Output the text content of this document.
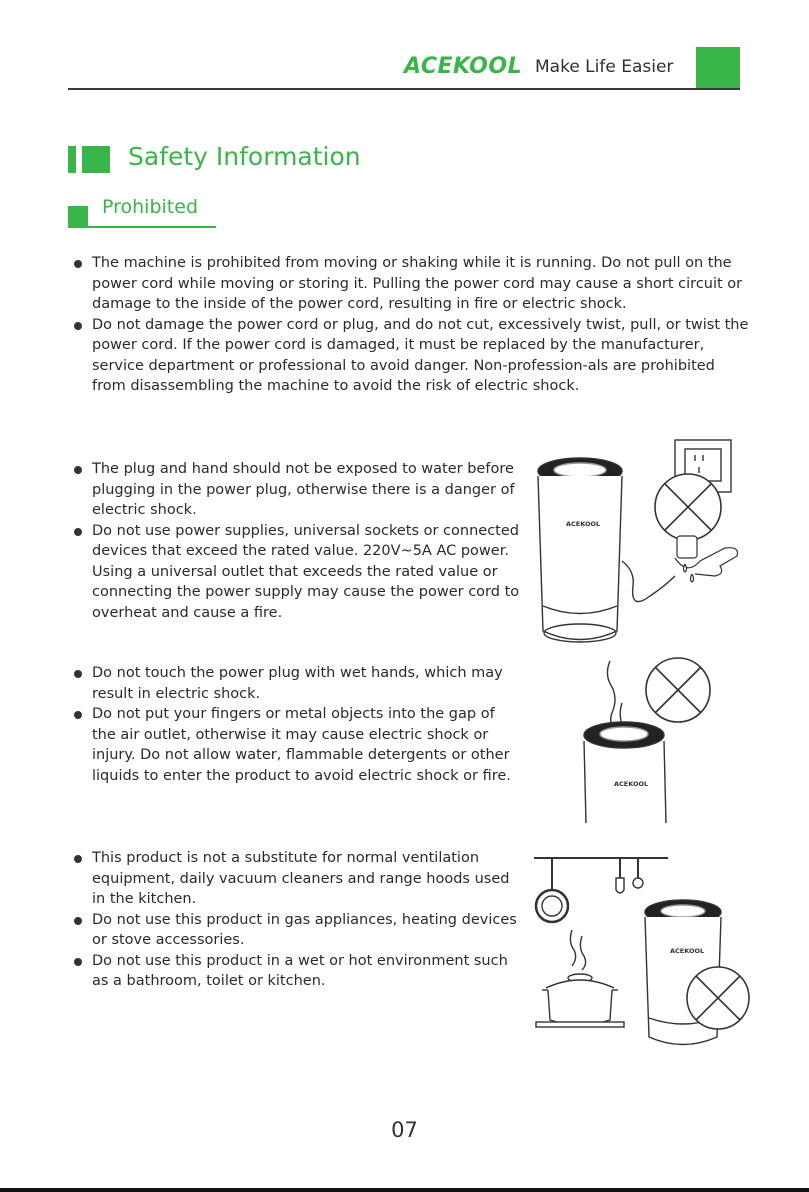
ACEKOOL Make Life Easier
Safety Information
Prohibited
The machine is prohibited from moving or shaking while it is running. Do not pull on the power cord while moving or storing it. Pulling the power cord may cause a short circuit or damage to the inside of the power cord, resulting in fire or electric shock.
Do not damage the power cord or plug, and do not cut, excessively twist, pull, or twist the power cord. If the power cord is damaged, it must be replaced by the manufacturer, service department or professional to avoid danger. Non-profession-als are prohibited from disassembling the machine to avoid the risk of electric shock.
The plug and hand should not be exposed to water before plugging in the power plug, otherwise there is a danger of electric shock.
Do not use power supplies, universal sockets or connected devices that exceed the rated value. 220V~5A AC power. Using a universal outlet that exceeds the rated value or connecting the power supply may cause the power cord to overheat and cause a fire.
Do not touch the power plug with wet hands, which may result in electric shock.
Do not put your fingers or metal objects into the gap of the air outlet, otherwise it may cause electric shock or injury. Do not allow water, flammable detergents or other liquids to enter the product to avoid electric shock or fire.
This product is not a substitute for normal ventilation equipment, daily vacuum cleaners and range hoods used in the kitchen.
Do not use this product in gas appliances, heating devices or stove accessories.
Do not use this product in a wet or hot environment such as a bathroom, toilet or kitchen.
ACEKOOL
ACEKOOL
ACEKOOL
07
